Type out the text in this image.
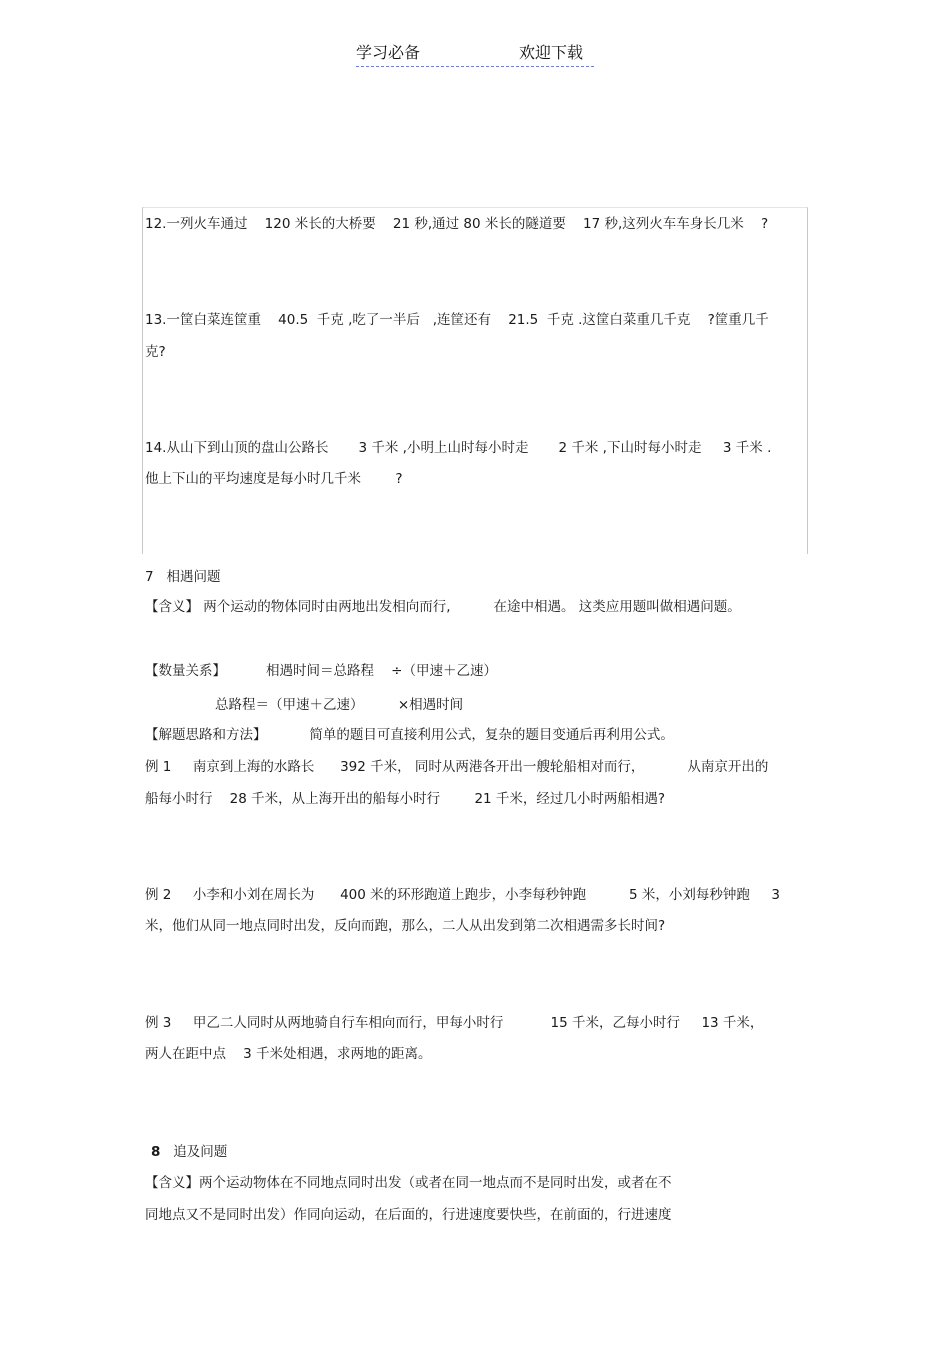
学习必备	欢迎下载
12.一列火车通过    120 米长的大桥要    21 秒,通过 80 米长的隧道要    17 秒,这列火车车身长几米    ?
13.一筐白菜连筐重    40.5  千克 ,吃了一半后   ,连筐还有    21.5  千克 .这筐白菜重几千克    ?筐重几千
克?
14.从山下到山顶的盘山公路长       3 千米 ,小明上山时每小时走       2 千米 ,下山时每小时走     3 千米 .
他上下山的平均速度是每小时几千米        ?
7 相遇问题
【含义】 两个运动的物体同时由两地出发相向而行,          在途中相遇。 这类应用题叫做相遇问题。
【数量关系】	相遇时间＝总路程    ÷（甲速＋乙速）
总路程＝（甲速＋乙速）        ×相遇时间
【解题思路和方法】          简单的题目可直接利用公式，复杂的题目变通后再利用公式。
例 1     南京到上海的水路长      392 千米， 同时从两港各开出一艘轮船相对而行，          从南京开出的
船每小时行    28 千米，从上海开出的船每小时行        21 千米，经过几小时两船相遇?
例 2     小李和小刘在周长为      400 米的环形跑道上跑步，小李每秒钟跑          5 米，小刘每秒钟跑     3
米，他们从同一地点同时出发，反向而跑，那么，二人从出发到第二次相遇需多长时间?
例 3     甲乙二人同时从两地骑自行车相向而行，甲每小时行           15 千米，乙每小时行     13 千米，
两人在距中点    3 千米处相遇，求两地的距离。
8 追及问题
【含义】两个运动物体在不同地点同时出发（或者在同一地点而不是同时出发，或者在不
同地点又不是同时出发）作同向运动，在后面的，行进速度要快些，在前面的，行进速度
